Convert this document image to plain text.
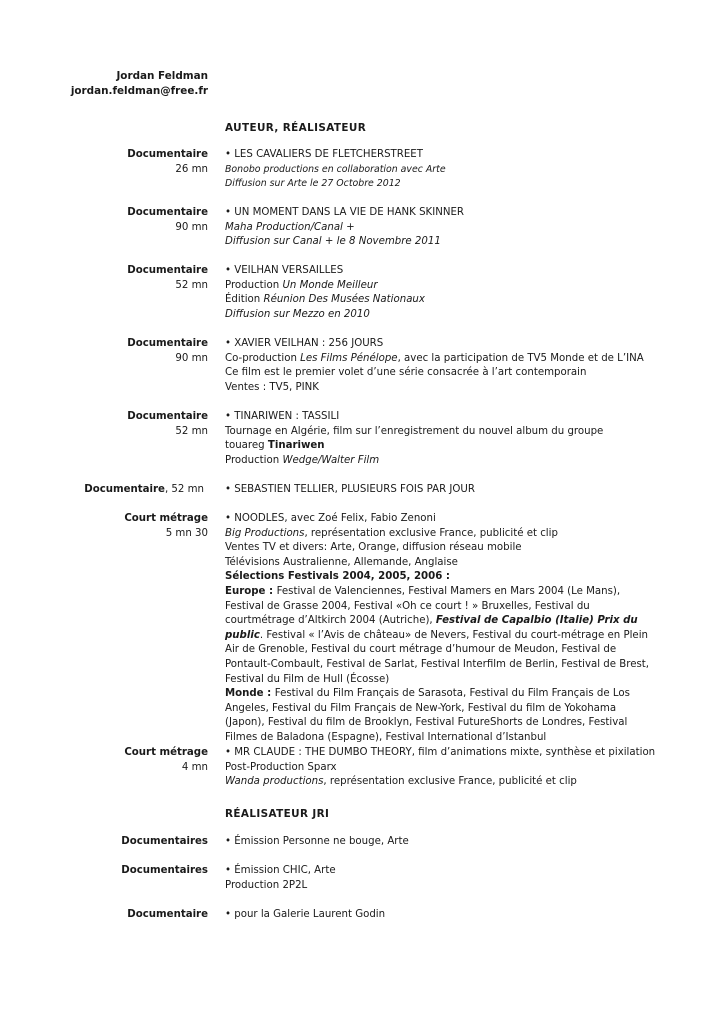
Jordan Feldman
jordan.feldman@free.fr
AUTEUR, RÉALISATEUR
Documentaire
26 mn
• LES CAVALIERS DE FLETCHERSTREET
Bonobo productions en collaboration avec Arte
Diffusion sur Arte le 27 Octobre 2012
Documentaire
90 mn
• UN MOMENT DANS LA VIE DE HANK SKINNER
Maha Production/Canal +
Diffusion sur Canal + le 8 Novembre 2011
Documentaire
52 mn
• VEILHAN VERSAILLES
Production Un Monde Meilleur
Édition Réunion Des Musées Nationaux
Diffusion sur Mezzo en 2010
Documentaire
90 mn
• XAVIER VEILHAN : 256 JOURS
Co-production Les Films Pénélope, avec la participation de TV5 Monde et de L’INA
Ce film est le premier volet d’une série consacrée à l’art contemporain
Ventes : TV5, PINK
Documentaire
52 mn
• TINARIWEN : TASSILI
Tournage en Algérie, film sur l’enregistrement du nouvel album du groupe
touareg Tinariwen
Production Wedge/Walter Film
Documentaire, 52 mn • SEBASTIEN TELLIER, PLUSIEURS FOIS PAR JOUR
Court métrage
5 mn 30
• NOODLES, avec Zoé Felix, Fabio Zenoni
Big Productions, représentation exclusive France, publicité et clip
Ventes TV et divers: Arte, Orange, diffusion réseau mobile
Télévisions Australienne, Allemande, Anglaise
Sélections Festivals 2004, 2005, 2006 :
Europe : Festival de Valenciennes, Festival Mamers en Mars 2004 (Le Mans), Festival de Grasse 2004, Festival «Oh ce court ! » Bruxelles, Festival du courtmétrage d’Altkirch 2004 (Autriche), Festival de Capalbio (Italie) Prix du public. Festival « l’Avis de château» de Nevers, Festival du court-métrage en Plein Air de Grenoble, Festival du court métrage d’humour de Meudon, Festival de Pontault-Combault, Festival de Sarlat, Festival Interfilm de Berlin, Festival de Brest, Festival du Film de Hull (Écosse)
Monde : Festival du Film Français de Sarasota, Festival du Film Français de Los Angeles, Festival du Film Français de New-York, Festival du film de Yokohama (Japon), Festival du film de Brooklyn, Festival FutureShorts de Londres, Festival Filmes de Baladona (Espagne), Festival International d’Istanbul
Court métrage
4 mn
• MR CLAUDE : THE DUMBO THEORY, film d’animations mixte, synthèse et pixilation
Post-Production Sparx
Wanda productions, représentation exclusive France, publicité et clip
RÉALISATEUR JRI
Documentaires • Émission Personne ne bouge, Arte
Documentaires • Émission CHIC, Arte
Production 2P2L
Documentaire • pour la Galerie Laurent Godin
